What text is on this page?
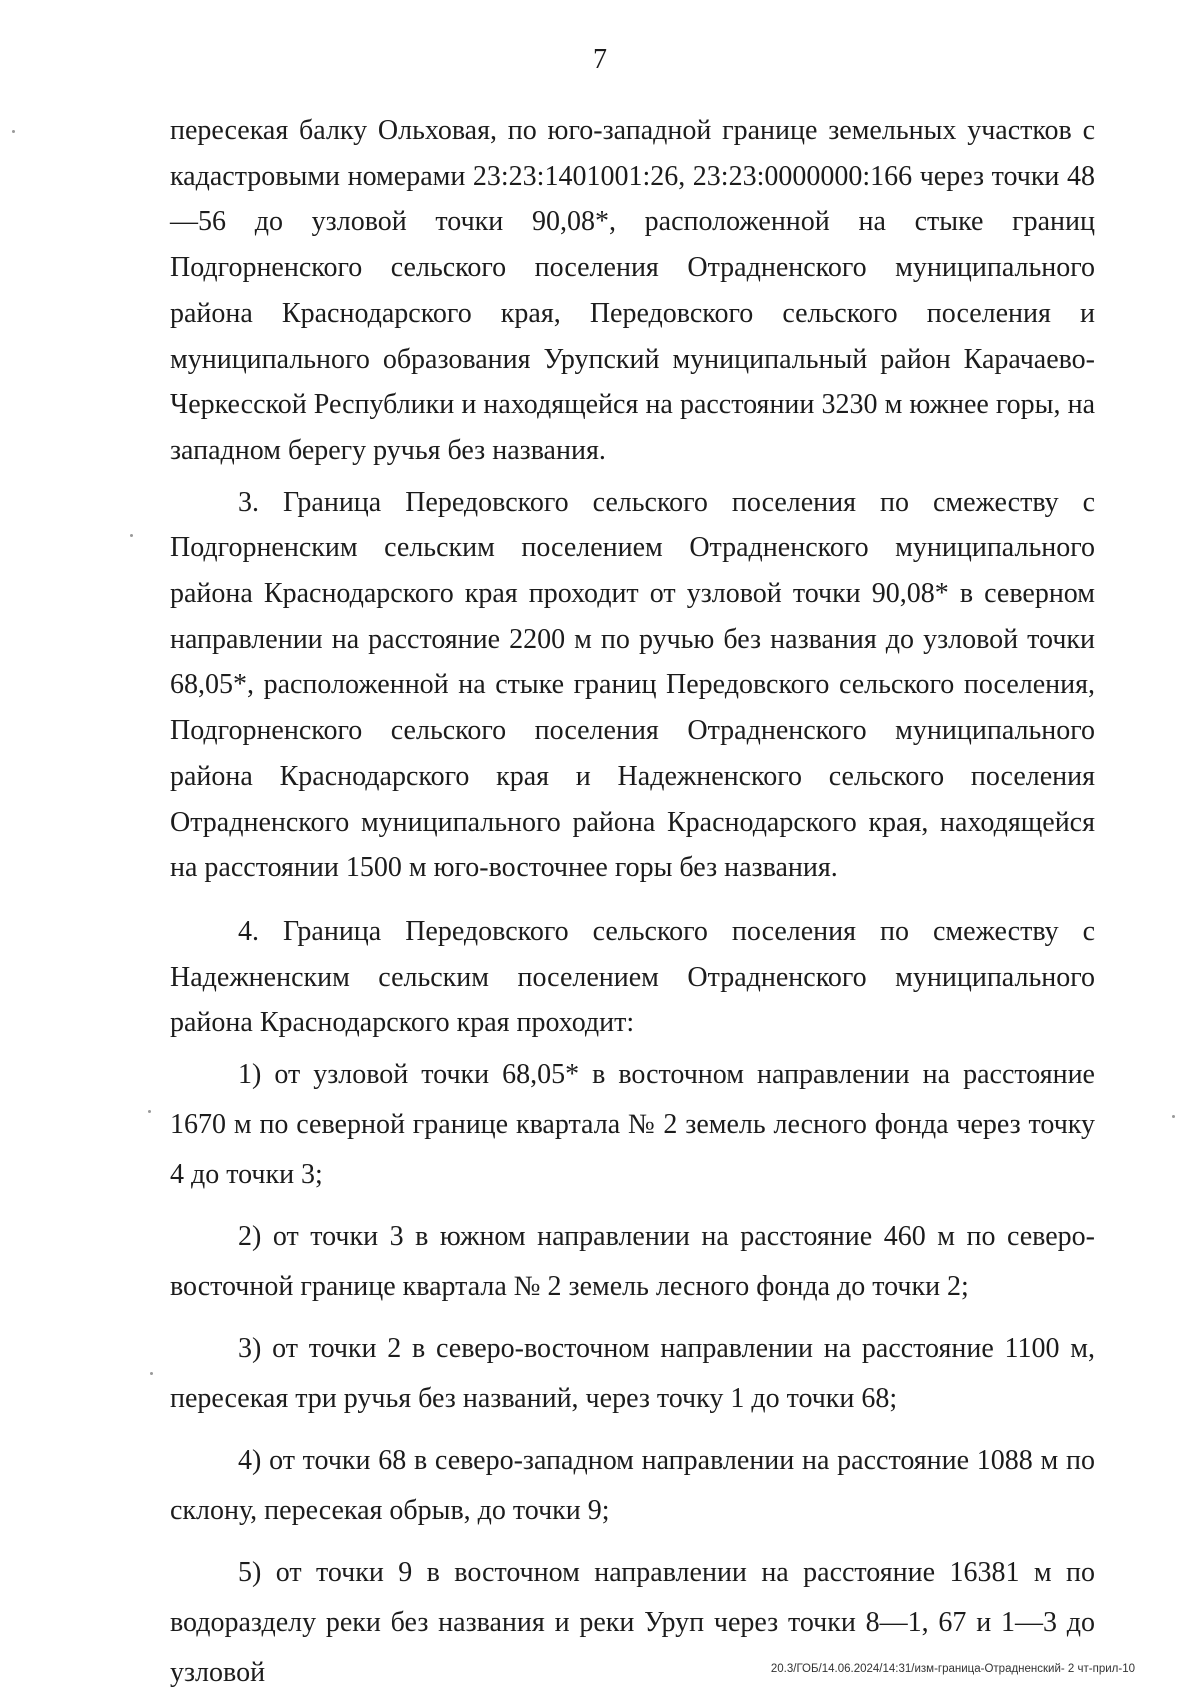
7

пересекая балку Ольховая, по юго-западной границе земельных участков с кадастровыми номерами 23:23:1401001:26, 23:23:0000000:166 через точки 48—56 до узловой точки 90,08*, расположенной на стыке границ Подгорненского сельского поселения Отрадненского муниципального района Краснодарского края, Передовского сельского поселения и муниципального образования Урупский муниципальный район Карачаево-Черкесской Республики и находящейся на расстоянии 3230 м южнее горы, на западном берегу ручья без названия.

3. Граница Передовского сельского поселения по смежеству с Подгорненским сельским поселением Отрадненского муниципального района Краснодарского края проходит от узловой точки 90,08* в северном направлении на расстояние 2200 м по ручью без названия до узловой точки 68,05*, расположенной на стыке границ Передовского сельского поселения, Подгорненского сельского поселения Отрадненского муниципального района Краснодарского края и Надежненского сельского поселения Отрадненского муниципального района Краснодарского края, находящейся на расстоянии 1500 м юго-восточнее горы без названия.

4. Граница Передовского сельского поселения по смежеству с Надежненским сельским поселением Отрадненского муниципального района Краснодарского края проходит:

1) от узловой точки 68,05* в восточном направлении на расстояние 1670 м по северной границе квартала № 2 земель лесного фонда через точку 4 до точки 3;

2) от точки 3 в южном направлении на расстояние 460 м по северо-восточной границе квартала № 2 земель лесного фонда до точки 2;

3) от точки 2 в северо-восточном направлении на расстояние 1100 м, пересекая три ручья без названий, через точку 1 до точки 68;

4) от точки 68 в северо-западном направлении на расстояние 1088 м по склону, пересекая обрыв, до точки 9;

5) от точки 9 в восточном направлении на расстояние 16381 м по водоразделу реки без названия и реки Уруп через точки 8—1, 67 и 1—3 до узловой	20.3/ГОБ/14.06.2024/14:31/изм-граница-Отрадненский- 2 чт-прил-10
